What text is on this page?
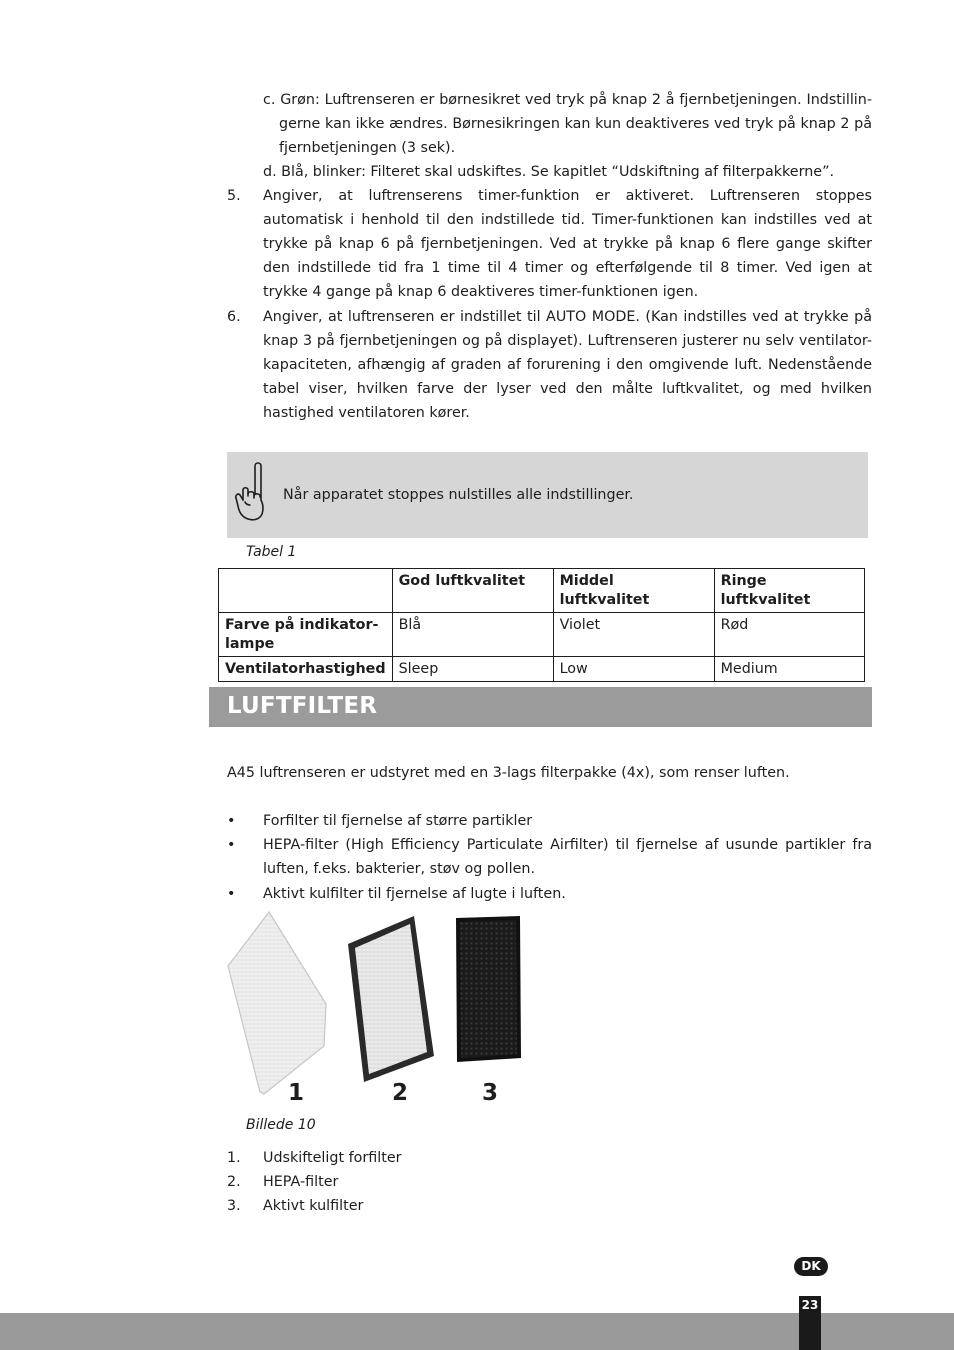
c. Grøn: Luftrenseren er børnesikret ved tryk på knap 2 å fjernbetjeningen. Indstillin-gerne kan ikke ændres. Børnesikringen kan kun deaktiveres ved tryk på knap 2 på fjernbetjeningen (3 sek).
d. Blå, blinker: Filteret skal udskiftes. Se kapitlet “Udskiftning af filterpakkerne”.
5. Angiver, at luftrenserens timer-funktion er aktiveret. Luftrenseren stoppes automatisk i henhold til den indstillede tid. Timer-funktionen kan indstilles ved at trykke på knap 6 på fjernbetjeningen. Ved at trykke på knap 6 flere gange skifter den indstillede tid fra 1 time til 4 timer og efterfølgende til 8 timer. Ved igen at trykke 4 gange på knap 6 deaktiveres timer-funktionen igen.
6. Angiver, at luftrenseren er indstillet til AUTO MODE. (Kan indstilles ved at trykke på knap 3 på fjernbetjeningen og på displayet). Luftrenseren justerer nu selv ventilator-kapaciteten, afhængig af graden af forurening i den omgivende luft. Nedenstående tabel viser, hvilken farve der lyser ved den målte luftkvalitet, og med hvilken hastighed ventilatoren kører.
Når apparatet stoppes nulstilles alle indstillinger.
Tabel 1
	God luftkvalitet	Middel luftkvalitet	Ringe luftkvalitet
Farve på indikator-lampe	Blå	Violet	Rød
Ventilatorhastighed	Sleep	Low	Medium
LUFTFILTER
A45 luftrenseren er udstyret med en 3-lags filterpakke (4x), som renser luften.
• Forfilter til fjernelse af større partikler
• HEPA-filter (High Efficiency Particulate Airfilter) til fjernelse af usunde partikler fra luften, f.eks. bakterier, støv og pollen.
• Aktivt kulfilter til fjernelse af lugte i luften.
1	2	3
Billede 10
1. Udskifteligt forfilter
2. HEPA-filter
3. Aktivt kulfilter
DK
23
